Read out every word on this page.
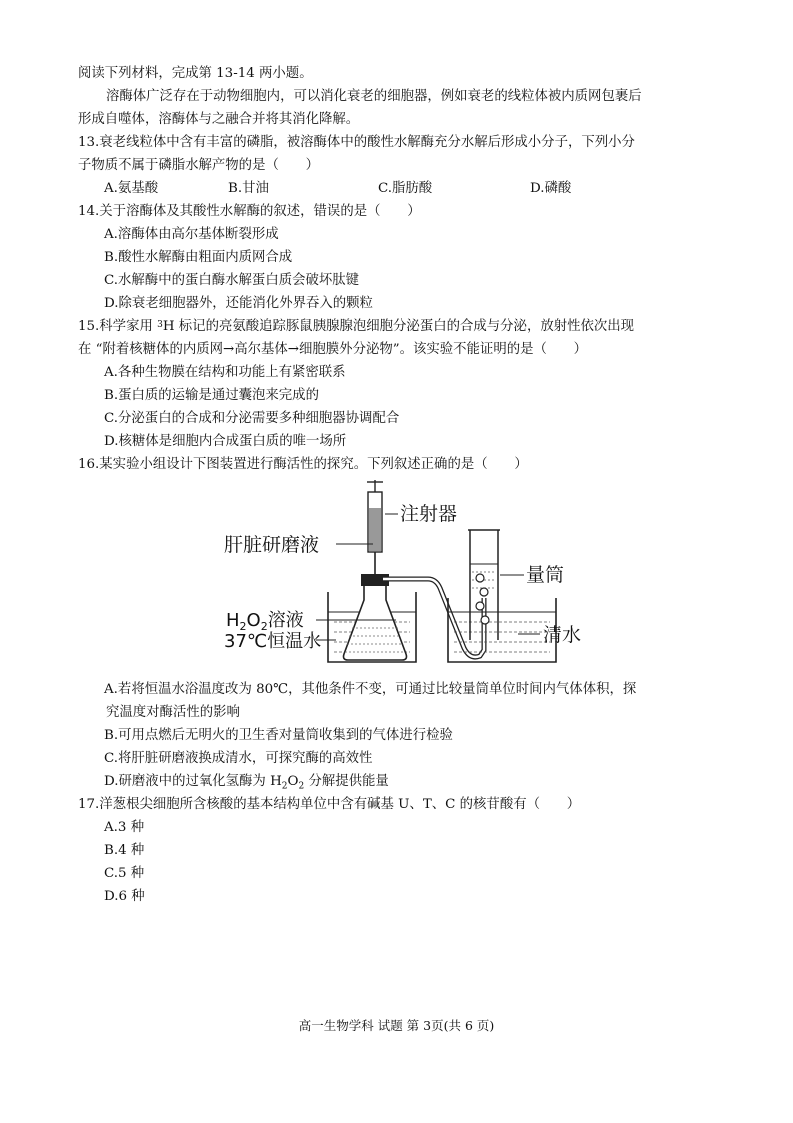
阅读下列材料，完成第 13-14 两小题。
溶酶体广泛存在于动物细胞内，可以消化衰老的细胞器，例如衰老的线粒体被内质网包裹后
形成自噬体，溶酶体与之融合并将其消化降解。
13.衰老线粒体中含有丰富的磷脂，被溶酶体中的酸性水解酶充分水解后形成小分子，下列小分
子物质不属于磷脂水解产物的是（　　）
A.氨基酸	B.甘油	C.脂肪酸	D.磷酸
14.关于溶酶体及其酸性水解酶的叙述，错误的是（　　）
A.溶酶体由高尔基体断裂形成
B.酸性水解酶由粗面内质网合成
C.水解酶中的蛋白酶水解蛋白质会破坏肽键
D.除衰老细胞器外，还能消化外界吞入的颗粒
15.科学家用 $^3$H 标记的亮氨酸追踪豚鼠胰腺腺泡细胞分泌蛋白的合成与分泌，放射性依次出现
在 “附着核糖体的内质网→高尔基体→细胞膜外分泌物”。该实验不能证明的是（　　）
A.各种生物膜在结构和功能上有紧密联系
B.蛋白质的运输是通过囊泡来完成的
C.分泌蛋白的合成和分泌需要多种细胞器协调配合
D.核糖体是细胞内合成蛋白质的唯一场所
16.某实验小组设计下图装置进行酶活性的探究。下列叙述正确的是（　　）
注射器
肝脏研磨液
量筒
$H_2O_2$溶液
37℃恒温水	清水
A.若将恒温水浴温度改为 80℃，其他条件不变，可通过比较量筒单位时间内气体体积，探
究温度对酶活性的影响
B.可用点燃后无明火的卫生香对量筒收集到的气体进行检验
C.将肝脏研磨液换成清水，可探究酶的高效性
D.研磨液中的过氧化氢酶为 $H_2O_2$ 分解提供能量
17.洋葱根尖细胞所含核酸的基本结构单位中含有碱基 U、T、C 的核苷酸有（　　）
A.3 种
B.4 种
C.5 种
D.6 种
高一生物学科 试题 第 3页(共 6 页)
